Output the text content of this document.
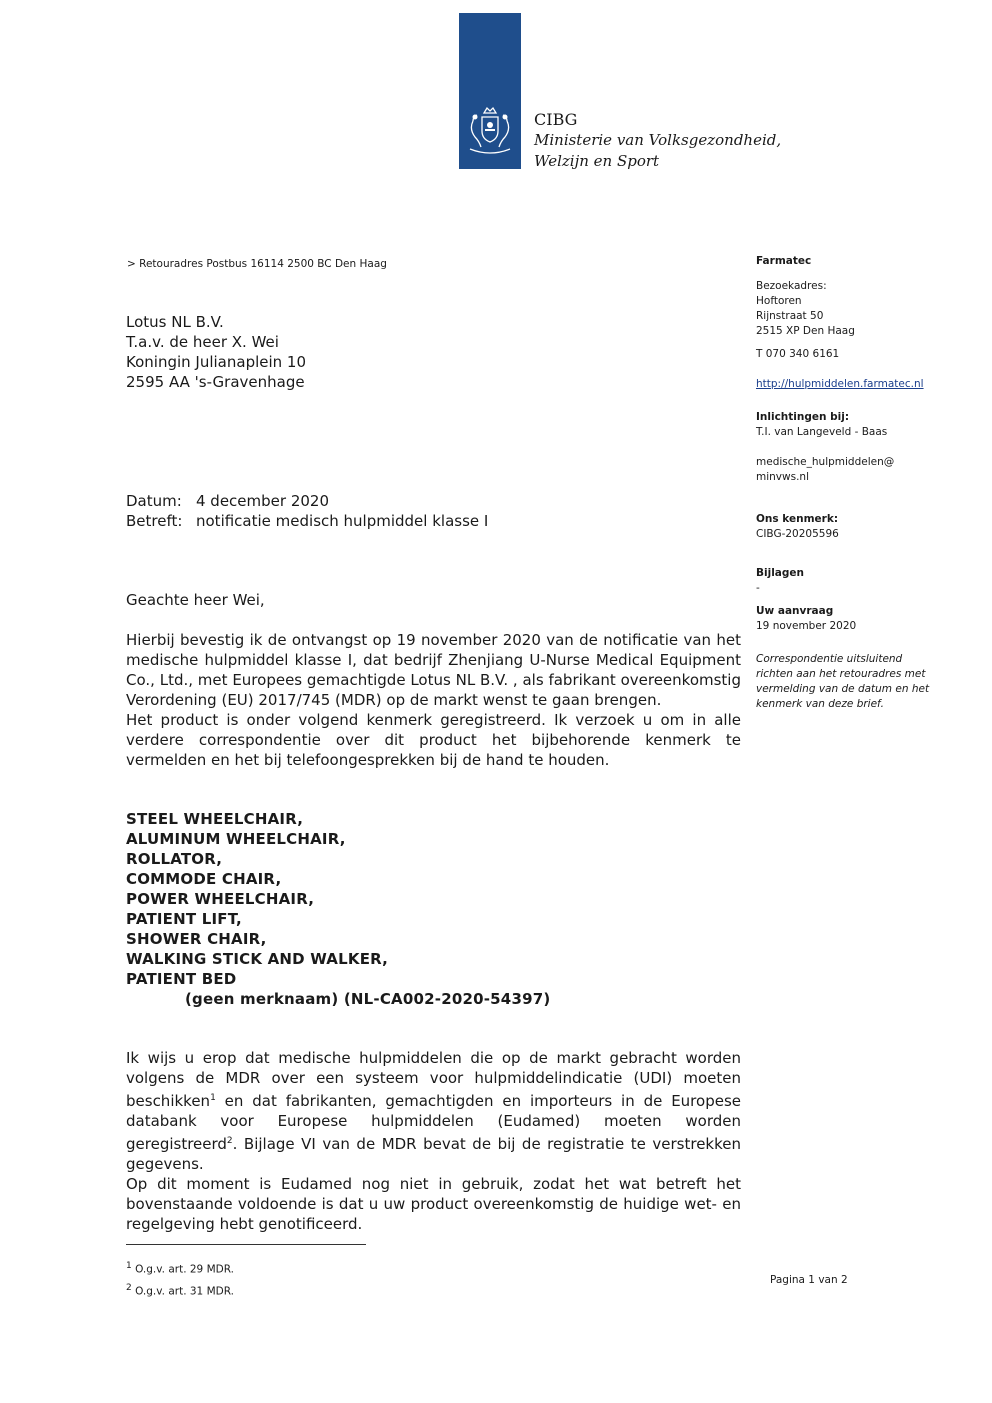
CIBG
Ministerie van Volksgezondheid,
Welzijn en Sport
> Retouradres Postbus 16114 2500 BC Den Haag
Lotus NL B.V.
T.a.v. de heer X. Wei
Koningin Julianaplein 10
2595 AA 's-Gravenhage
Farmatec
Bezoekadres:
Hoftoren
Rijnstraat 50
2515 XP Den Haag
T 070 340 6161
http://hulpmiddelen.farmatec.nl
Inlichtingen bij:
T.I. van Langeveld - Baas
medische_hulpmiddelen@
minvws.nl
Ons kenmerk:
CIBG-20205596
Bijlagen
-
Uw aanvraag
19 november 2020
Correspondentie uitsluitend
richten aan het retouradres met
vermelding van de datum en het
kenmerk van deze brief.
Datum: 4 december 2020
Betreft: notificatie medisch hulpmiddel klasse I
Geachte heer Wei,

Hierbij bevestig ik de ontvangst op 19 november 2020 van de notificatie van het medische hulpmiddel klasse I, dat bedrijf Zhenjiang U-Nurse Medical Equipment Co., Ltd., met Europees gemachtigde Lotus NL B.V. , als fabrikant overeenkomstig Verordening (EU) 2017/745 (MDR) op de markt wenst te gaan brengen.

Het product is onder volgend kenmerk geregistreerd. Ik verzoek u om in alle verdere correspondentie over dit product het bijbehorende kenmerk te vermelden en het bij telefoongesprekken bij de hand te houden.

STEEL WHEELCHAIR,
ALUMINUM WHEELCHAIR,
ROLLATOR,
COMMODE CHAIR,
POWER WHEELCHAIR,
PATIENT LIFT,
SHOWER CHAIR,
WALKING STICK AND WALKER,
PATIENT BED
(geen merknaam) (NL-CA002-2020-54397)

Ik wijs u erop dat medische hulpmiddelen die op de markt gebracht worden volgens de MDR over een systeem voor hulpmiddelindicatie (UDI) moeten beschikken$^1$ en dat fabrikanten, gemachtigden en importeurs in de Europese databank voor Europese hulpmiddelen (Eudamed) moeten worden geregistreerd$^2$. Bijlage VI van de MDR bevat de bij de registratie te verstrekken gegevens.

Op dit moment is Eudamed nog niet in gebruik, zodat het wat betreft het bovenstaande voldoende is dat u uw product overeenkomstig de huidige wet- en regelgeving hebt genotificeerd.

$^1$ O.g.v. art. 29 MDR.
$^2$ O.g.v. art. 31 MDR.
Pagina 1 van 2
